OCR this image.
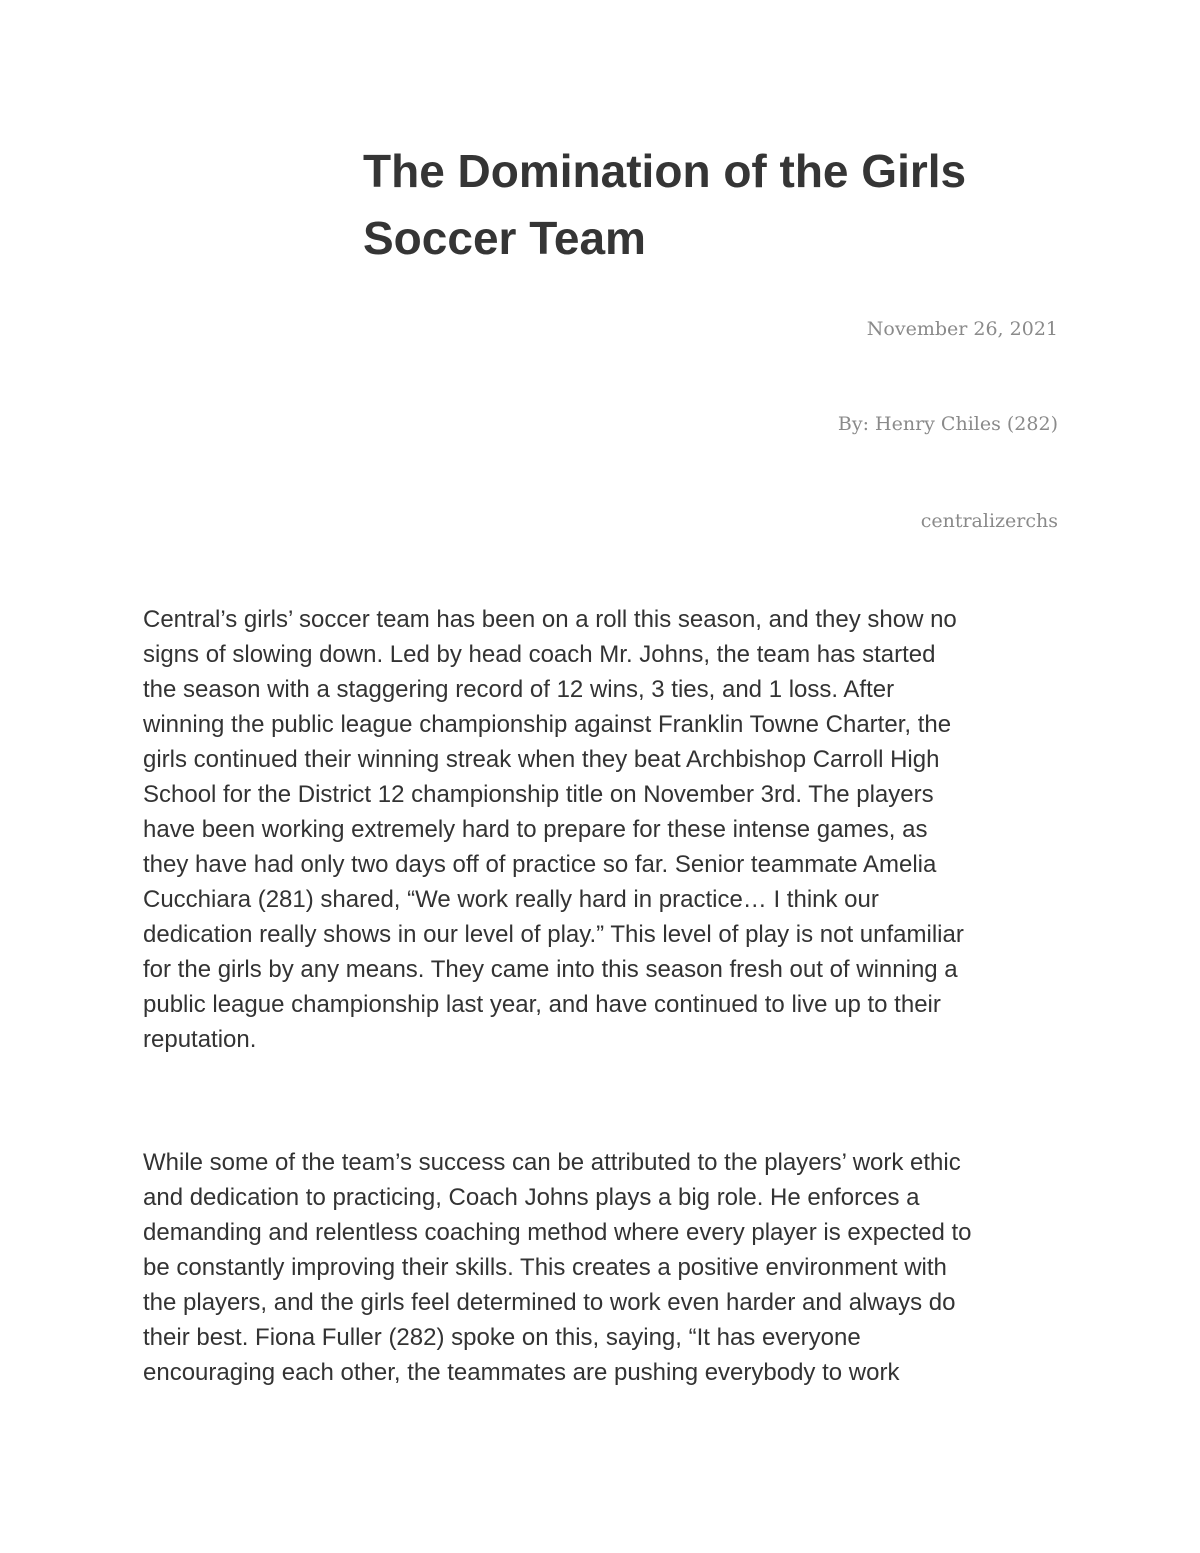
The Domination of the Girls
Soccer Team

November 26, 2021

By: Henry Chiles (282)

centralizerchs

Central’s girls’ soccer team has been on a roll this season, and they show no
signs of slowing down. Led by head coach Mr. Johns, the team has started
the season with a staggering record of 12 wins, 3 ties, and 1 loss. After
winning the public league championship against Franklin Towne Charter, the
girls continued their winning streak when they beat Archbishop Carroll High
School for the District 12 championship title on November 3rd. The players
have been working extremely hard to prepare for these intense games, as
they have had only two days off of practice so far. Senior teammate Amelia
Cucchiara (281) shared, “We work really hard in practice… I think our
dedication really shows in our level of play.” This level of play is not unfamiliar
for the girls by any means. They came into this season fresh out of winning a
public league championship last year, and have continued to live up to their
reputation.
While some of the team’s success can be attributed to the players’ work ethic
and dedication to practicing, Coach Johns plays a big role. He enforces a
demanding and relentless coaching method where every player is expected to
be constantly improving their skills. This creates a positive environment with
the players, and the girls feel determined to work even harder and always do
their best. Fiona Fuller (282) spoke on this, saying, “It has everyone
encouraging each other, the teammates are pushing everybody to work
